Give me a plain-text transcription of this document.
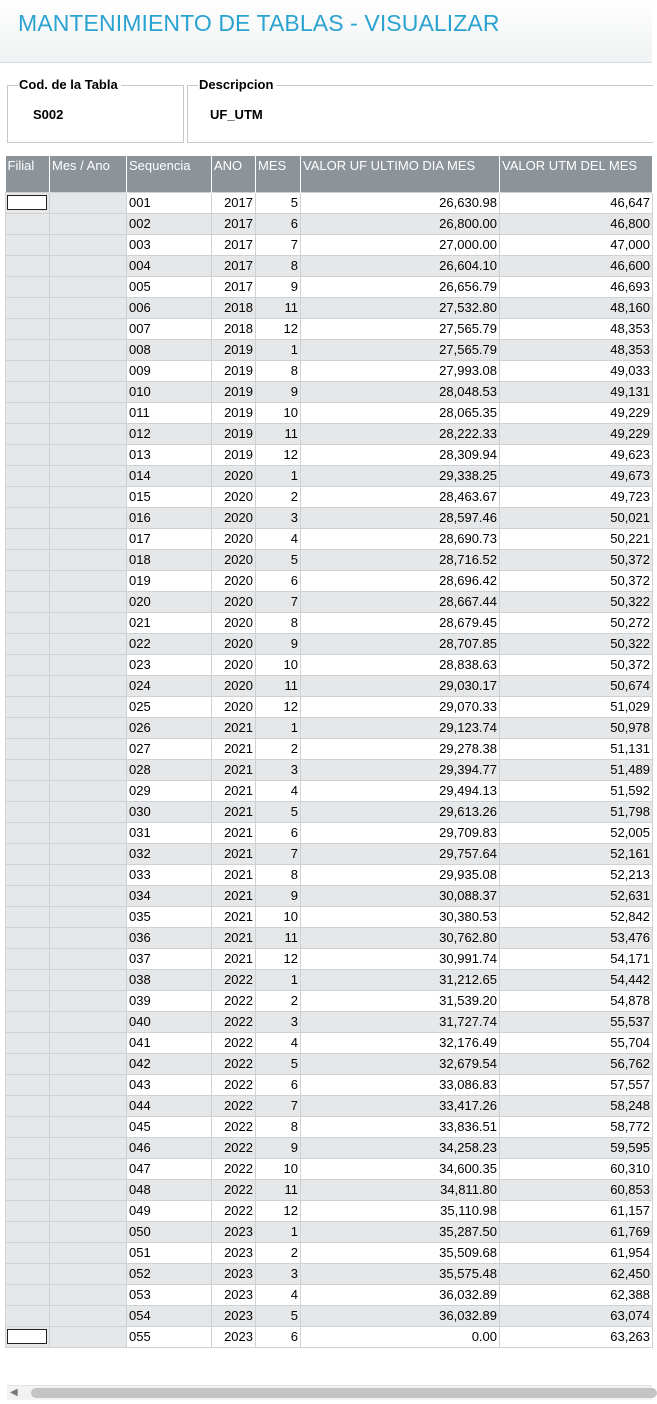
MANTENIMIENTO DE TABLAS - VISUALIZAR
Cod. de la Tabla
S002
Descripcion
UF_UTM
Filial	Mes / Ano	Sequencia	ANO	MES	VALOR UF ULTIMO DIA MES	VALOR UTM DEL MES

		001	2017	5	26,630.98	46,647
		002	2017	6	26,800.00	46,800
		003	2017	7	27,000.00	47,000
		004	2017	8	26,604.10	46,600
		005	2017	9	26,656.79	46,693
		006	2018	11	27,532.80	48,160
		007	2018	12	27,565.79	48,353
		008	2019	1	27,565.79	48,353
		009	2019	8	27,993.08	49,033
		010	2019	9	28,048.53	49,131
		011	2019	10	28,065.35	49,229
		012	2019	11	28,222.33	49,229
		013	2019	12	28,309.94	49,623
		014	2020	1	29,338.25	49,673
		015	2020	2	28,463.67	49,723
		016	2020	3	28,597.46	50,021
		017	2020	4	28,690.73	50,221
		018	2020	5	28,716.52	50,372
		019	2020	6	28,696.42	50,372
		020	2020	7	28,667.44	50,322
		021	2020	8	28,679.45	50,272
		022	2020	9	28,707.85	50,322
		023	2020	10	28,838.63	50,372
		024	2020	11	29,030.17	50,674
		025	2020	12	29,070.33	51,029
		026	2021	1	29,123.74	50,978
		027	2021	2	29,278.38	51,131
		028	2021	3	29,394.77	51,489
		029	2021	4	29,494.13	51,592
		030	2021	5	29,613.26	51,798
		031	2021	6	29,709.83	52,005
		032	2021	7	29,757.64	52,161
		033	2021	8	29,935.08	52,213
		034	2021	9	30,088.37	52,631
		035	2021	10	30,380.53	52,842
		036	2021	11	30,762.80	53,476
		037	2021	12	30,991.74	54,171
		038	2022	1	31,212.65	54,442
		039	2022	2	31,539.20	54,878
		040	2022	3	31,727.74	55,537
		041	2022	4	32,176.49	55,704
		042	2022	5	32,679.54	56,762
		043	2022	6	33,086.83	57,557
		044	2022	7	33,417.26	58,248
		045	2022	8	33,836.51	58,772
		046	2022	9	34,258.23	59,595
		047	2022	10	34,600.35	60,310
		048	2022	11	34,811.80	60,853
		049	2022	12	35,110.98	61,157
		050	2023	1	35,287.50	61,769
		051	2023	2	35,509.68	61,954
		052	2023	3	35,575.48	62,450
		053	2023	4	36,032.89	62,388
		054	2023	5	36,032.89	63,074

		055	2023	6	0.00	63,263
◀
